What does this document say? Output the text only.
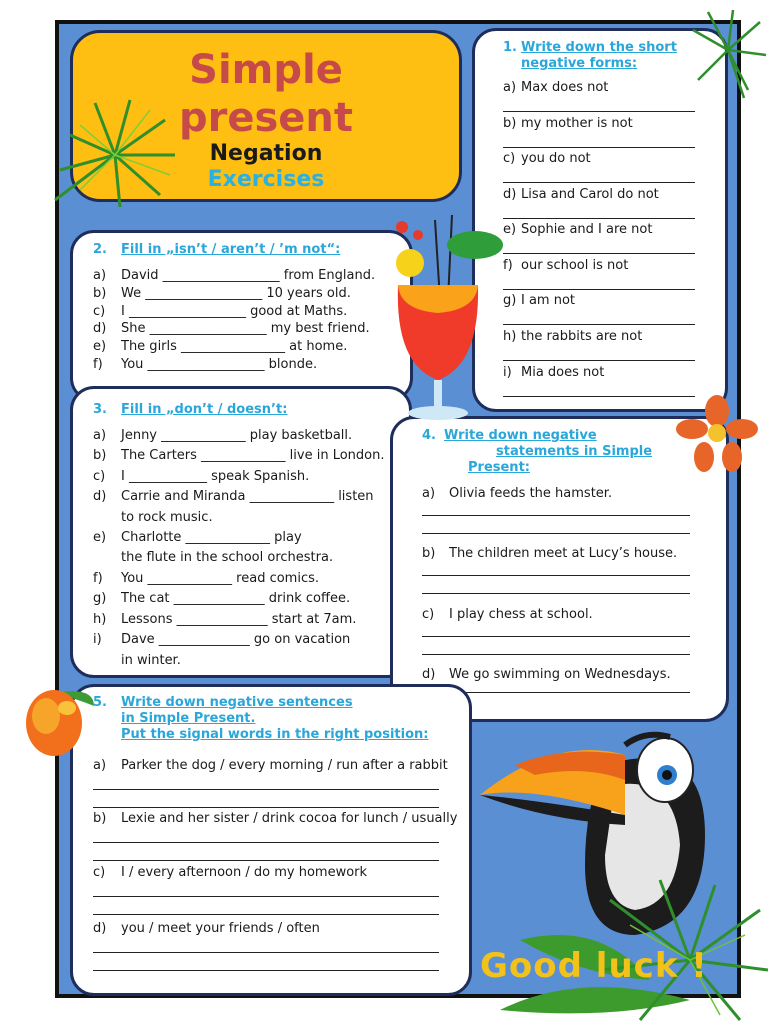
Simple
present
Negation
Exercises
1. Write down the short
negative forms:
a) Max does not
b) my mother is not
c) you do not
d) Lisa and Carol do not
e) Sophie and I are not
f) our school is not
g) I am not
h) the rabbits are not
i) Mia does not
2. Fill in „isn’t / aren’t / ’m not“:
a) David __________________ from England.
b) We __________________ 10 years old.
c) I __________________ good at Maths.
d) She __________________ my best friend.
e) The girls ________________ at home.
f) You __________________ blonde.
3. Fill in „don’t / doesn’t:
a) Jenny _____________ play basketball.
b) The Carters _____________ live in London.
c) I ____________ speak Spanish.
d) Carrie and Miranda _____________ listen
to rock music.
e) Charlotte _____________ play
the flute in the school orchestra.
f) You _____________ read comics.
g) The cat ______________ drink coffee.
h) Lessons ______________ start at 7am.
i) Dave ______________ go on vacation
in winter.
4. Write down negative
statements in Simple
Present:
a) Olivia feeds the hamster.
b) The children meet at Lucy’s house.
c) I play chess at school.
d) We go swimming on Wednesdays.
5. Write down negative sentences
in Simple Present.
Put the signal words in the right position:
a) Parker the dog / every morning / run after a rabbit
b) Lexie and her sister / drink cocoa for lunch / usually
c) I / every afternoon / do my homework
d) you / meet your friends / often
Good luck !
